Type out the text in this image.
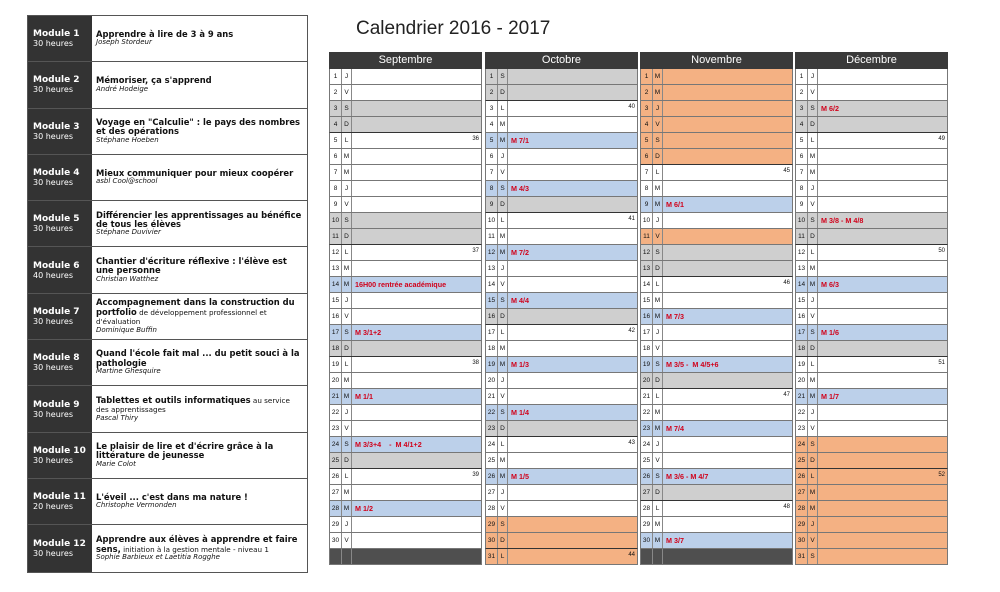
Module 1
30 heures
Apprendre à lire de 3 à 9 ans
Joseph Stordeur
Module 2
30 heures
Mémoriser, ça s'apprend
André Hodeige
Module 3
30 heures
Voyage en "Calculie" : le pays des nombres et des opérations
Stéphane Hoeben
Module 4
30 heures
Mieux communiquer pour mieux coopérer
asbl Cool@school
Module 5
30 heures
Différencier les apprentissages au bénéfice de tous les élèves
Stéphane Duvivier
Module 6
40 heures
Chantier d'écriture réflexive : l'élève est une personne
Christian Watthez
Module 7
30 heures
Accompagnement dans la construction du portfolio de développement professionnel et d'évaluation
Dominique Buffin
Module 8
30 heures
Quand l'école fait mal ... du petit souci à la pathologie
Martine Ghesquire
Module 9
30 heures
Tablettes et outils informatiques au service des apprentissages
Pascal Thiry
Module 10
30 heures
Le plaisir de lire et d'écrire grâce à la littérature de jeunesse
Marie Colot
Module 11
20 heures
L'éveil ... c'est dans ma nature !
Christophe Vermonden
Module 12
30 heures
Apprendre aux élèves à apprendre et faire sens, initiation à la gestion mentale - niveau 1
Sophie Barbieux et Laetitia Rogghe
Calendrier 2016 - 2017
Septembre
1	J
2	V
3	S
4	D
5	L	36
6 M
7 M
8	J
9	V
10 S
11 D
12 L	37
13 M
14 M 16H00 rentrée académique
15 J
16 V
17 S M 3/1+2
18 D
19 L	38
20 M
21 M M 1/1
22 J
23 V
24 S M 3/3+4    -  M 4/1+2
25 D
26 L	39
27 M
28 M M 1/2
29 J
30 V
Octobre
1	S
2	D
3	L	40
4 M
5 M M 7/1
6	J
7	V
8	S M 4/3
9	D
10 L	41
11 M
12 M M 7/2
13 J
14 V
15 S M 4/4
16 D
17 L	42
18 M
19 M M 1/3
20 J
21 V
22 S M 1/4
23 D
24 L	43
25 M
26 M M 1/5
27 J
28 V
29 S
30 D
31 L	44
Novembre
1 M
2 M
3	J
4	V
5	S
6	D
7	L	45
8 M
9 M M 6/1
10 J
11 V
12 S
13 D
14 L	46
15 M
16 M M 7/3
17 J
18 V
19 S M 3/5 -  M 4/5+6
20 D
21 L	47
22 M
23 M M 7/4
24 J
25 V
26 S M 3/6 - M 4/7
27 D
28 L	48
29 M
30 M M 3/7
Décembre
1	J
2	V
3	S M 6/2
4	D
5	L	49
6 M
7 M
8	J
9	V
10 S M 3/8 - M 4/8
11 D
12 L	50
13 M
14 M M 6/3
15 J
16 V
17 S M 1/6
18 D
19 L	51
20 M
21 M M 1/7
22 J
23 V
24 S
25 D
26 L	52
27 M
28 M
29 J
30 V
31 S
